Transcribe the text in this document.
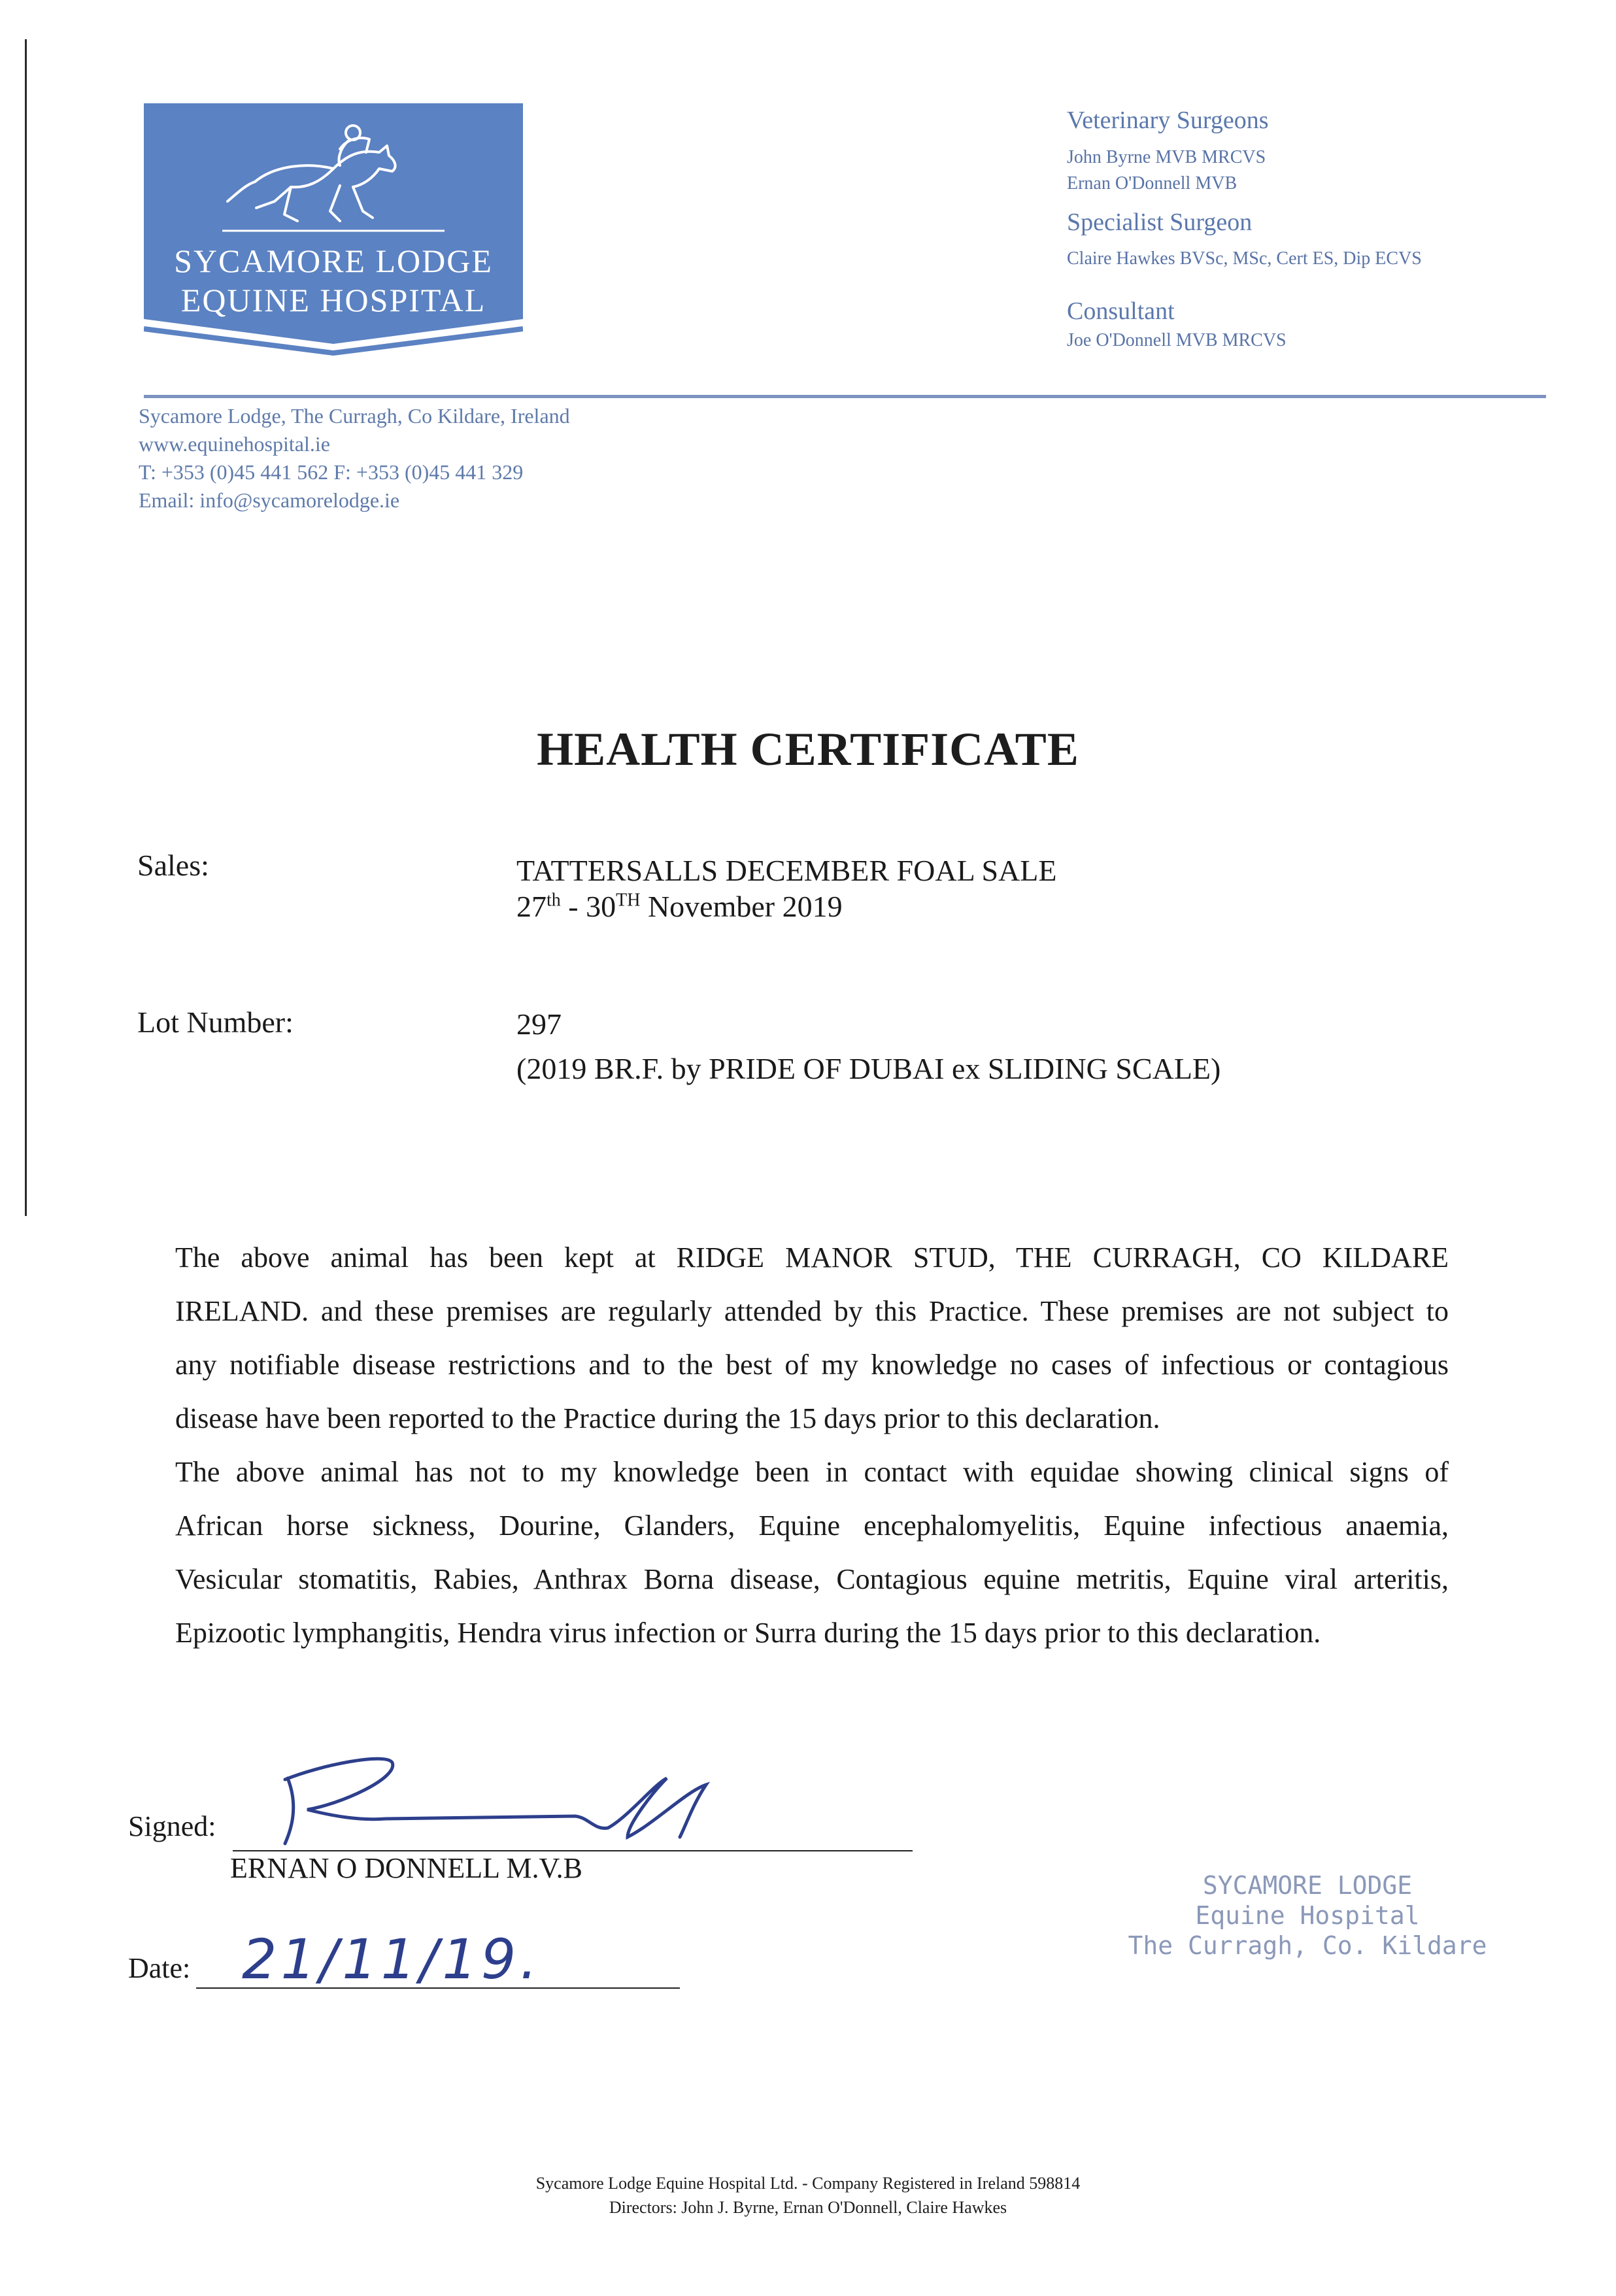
SYCAMORE LODGE
EQUINE HOSPITAL
Veterinary Surgeons
John Byrne MVB MRCVS
Ernan O'Donnell MVB
Specialist Surgeon
Claire Hawkes BVSc, MSc, Cert ES, Dip ECVS
Consultant
Joe O'Donnell MVB MRCVS
Sycamore Lodge, The Curragh, Co Kildare, Ireland
www.equinehospital.ie
T: +353 (0)45 441 562 F: +353 (0)45 441 329
Email: info@sycamorelodge.ie
HEALTH CERTIFICATE
Sales:	TATTERSALLS DECEMBER FOAL SALE
27th - 30TH November 2019
Lot Number:	297
(2019 BR.F. by PRIDE OF DUBAI ex SLIDING SCALE)
The above animal has been kept at RIDGE MANOR STUD, THE CURRAGH, CO KILDARE
IRELAND. and these premises are regularly attended by this Practice. These premises are not subject to
any notifiable disease restrictions and to the best of my knowledge no cases of infectious or contagious
disease have been reported to the Practice during the 15 days prior to this declaration.
The above animal has not to my knowledge been in contact with equidae showing clinical signs of
African horse sickness, Dourine, Glanders, Equine encephalomyelitis, Equine infectious anaemia,
Vesicular stomatitis, Rabies, Anthrax Borna disease, Contagious equine metritis, Equine viral arteritis,
Epizootic lymphangitis, Hendra virus infection or Surra during the 15 days prior to this declaration.
Signed:
ERNAN O DONNELL M.V.B
Date: 21/11/19.
SYCAMORE LODGE
Equine Hospital
The Curragh, Co. Kildare
Sycamore Lodge Equine Hospital Ltd. - Company Registered in Ireland 598814
Directors: John J. Byrne, Ernan O'Donnell, Claire Hawkes
